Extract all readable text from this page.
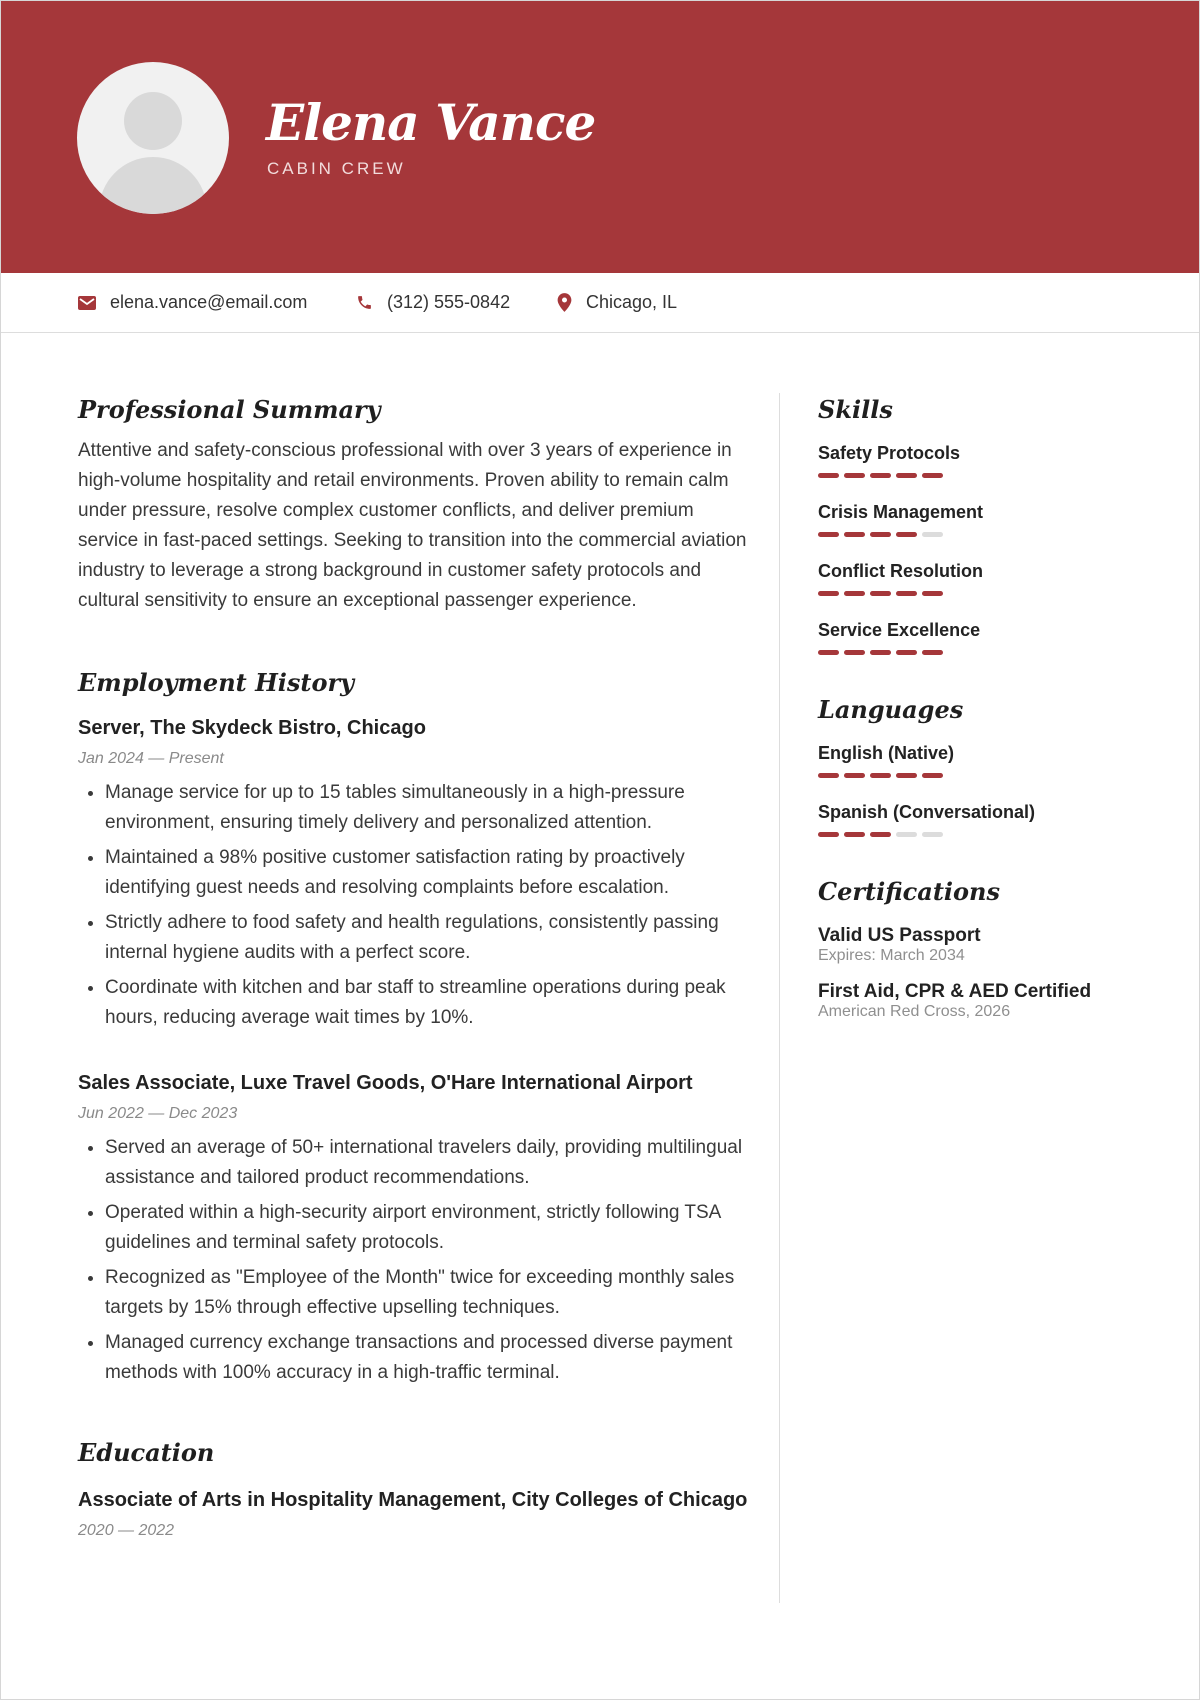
Elena Vance
CABIN CREW
elena.vance@email.com	(312) 555-0842	Chicago, IL
Professional Summary

Attentive and safety-conscious professional with over 3 years of experience in high-volume hospitality and retail environments. Proven ability to remain calm under pressure, resolve complex customer conflicts, and deliver premium service in fast-paced settings. Seeking to transition into the commercial aviation industry to leverage a strong background in customer safety protocols and cultural sensitivity to ensure an exceptional passenger experience.

Employment History
Server, The Skydeck Bistro, Chicago
Jan 2024 — Present
• Manage service for up to 15 tables simultaneously in a high-pressure environment, ensuring timely delivery and personalized attention.
• Maintained a 98% positive customer satisfaction rating by proactively identifying guest needs and resolving complaints before escalation.
• Strictly adhere to food safety and health regulations, consistently passing internal hygiene audits with a perfect score.
• Coordinate with kitchen and bar staff to streamline operations during peak hours, reducing average wait times by 10%.
Sales Associate, Luxe Travel Goods, O'Hare International Airport
Jun 2022 — Dec 2023
• Served an average of 50+ international travelers daily, providing multilingual assistance and tailored product recommendations.
• Operated within a high-security airport environment, strictly following TSA guidelines and terminal safety protocols.
• Recognized as "Employee of the Month" twice for exceeding monthly sales targets by 15% through effective upselling techniques.
• Managed currency exchange transactions and processed diverse payment methods with 100% accuracy in a high-traffic terminal.
Education
Associate of Arts in Hospitality Management, City Colleges of Chicago
2020 — 2022
Skills
Safety Protocols
Crisis Management
Conflict Resolution
Service Excellence
Languages
English (Native)
Spanish (Conversational)
Certifications
Valid US Passport
Expires: March 2034
First Aid, CPR & AED Certified
American Red Cross, 2026
